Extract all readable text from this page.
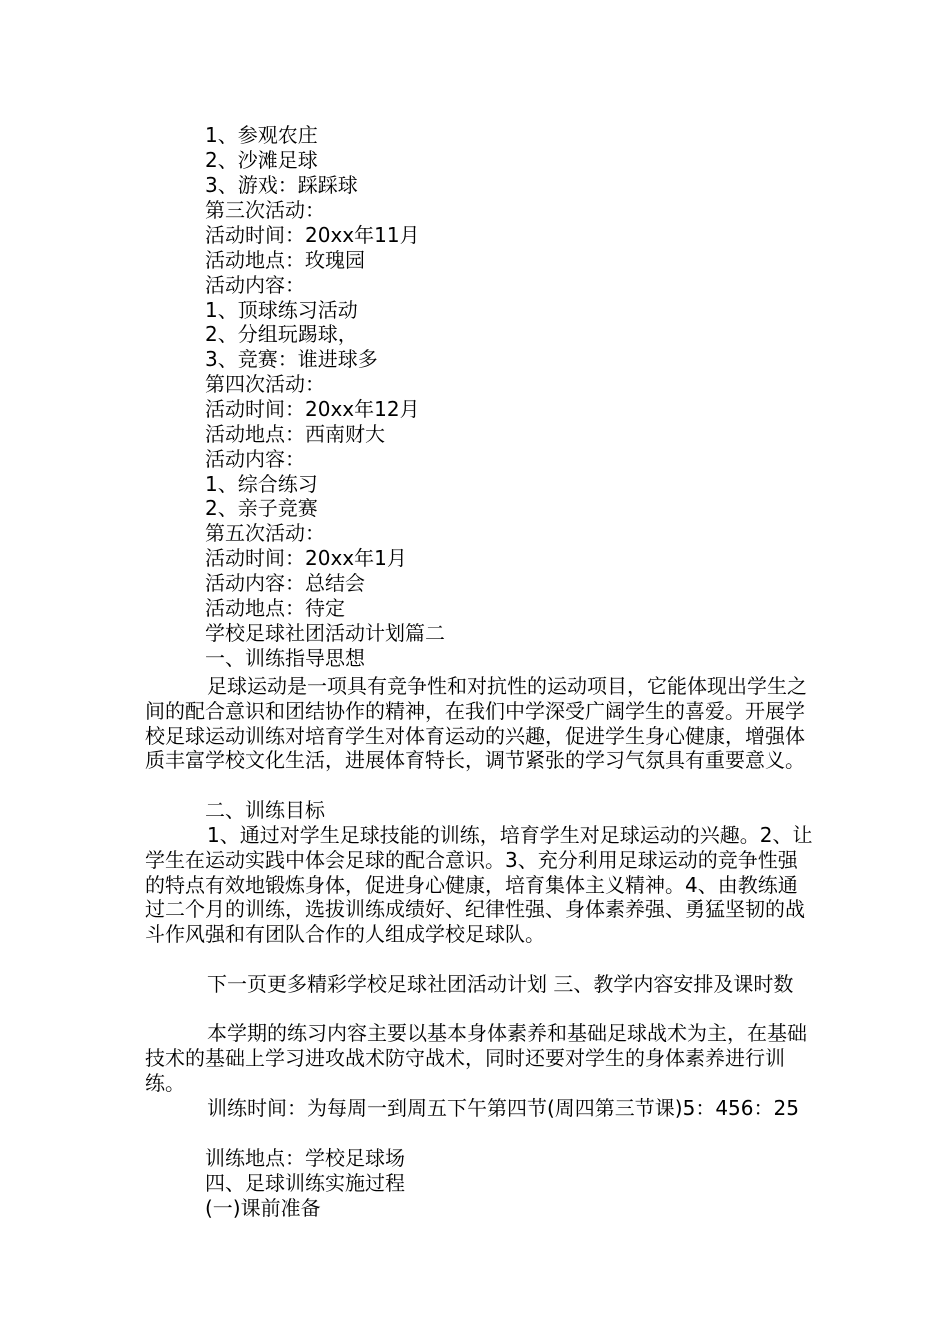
1、参观农庄
2、沙滩足球
3、游戏：踩踩球
第三次活动：
活动时间：20xx年11月
活动地点：玫瑰园
活动内容：
1、顶球练习活动
2、分组玩踢球，
3、竞赛：谁进球多
第四次活动：
活动时间：20xx年12月
活动地点：西南财大
活动内容：
1、综合练习
2、亲子竞赛
第五次活动：
活动时间：20xx年1月
活动内容：总结会
活动地点：待定
学校足球社团活动计划篇二
一、训练指导思想

足球运动是一项具有竞争性和对抗性的运动项目，它能体现出学生之间的配合意识和团结协作的精神，在我们中学深受广阔学生的喜爱。开展学校足球运动训练对培育学生对体育运动的兴趣，促进学生身心健康，增强体质丰富学校文化生活，进展体育特长，调节紧张的学习气氛具有重要意义。

二、训练目标

1、通过对学生足球技能的训练，培育学生对足球运动的兴趣。2、让学生在运动实践中体会足球的配合意识。3、充分利用足球运动的竞争性强的特点有效地锻炼身体，促进身心健康，培育集体主义精神。4、由教练通过二个月的训练，选拔训练成绩好、纪律性强、身体素养强、勇猛坚韧的战斗作风强和有团队合作的人组成学校足球队。

下一页更多精彩学校足球社团活动计划 三、教学内容安排及课时数

本学期的练习内容主要以基本身体素养和基础足球战术为主，在基础技术的基础上学习进攻战术防守战术，同时还要对学生的身体素养进行训练。

训练时间：为每周一到周五下午第四节(周四第三节课)5：456：25

训练地点：学校足球场
四、足球训练实施过程
(一)课前准备
